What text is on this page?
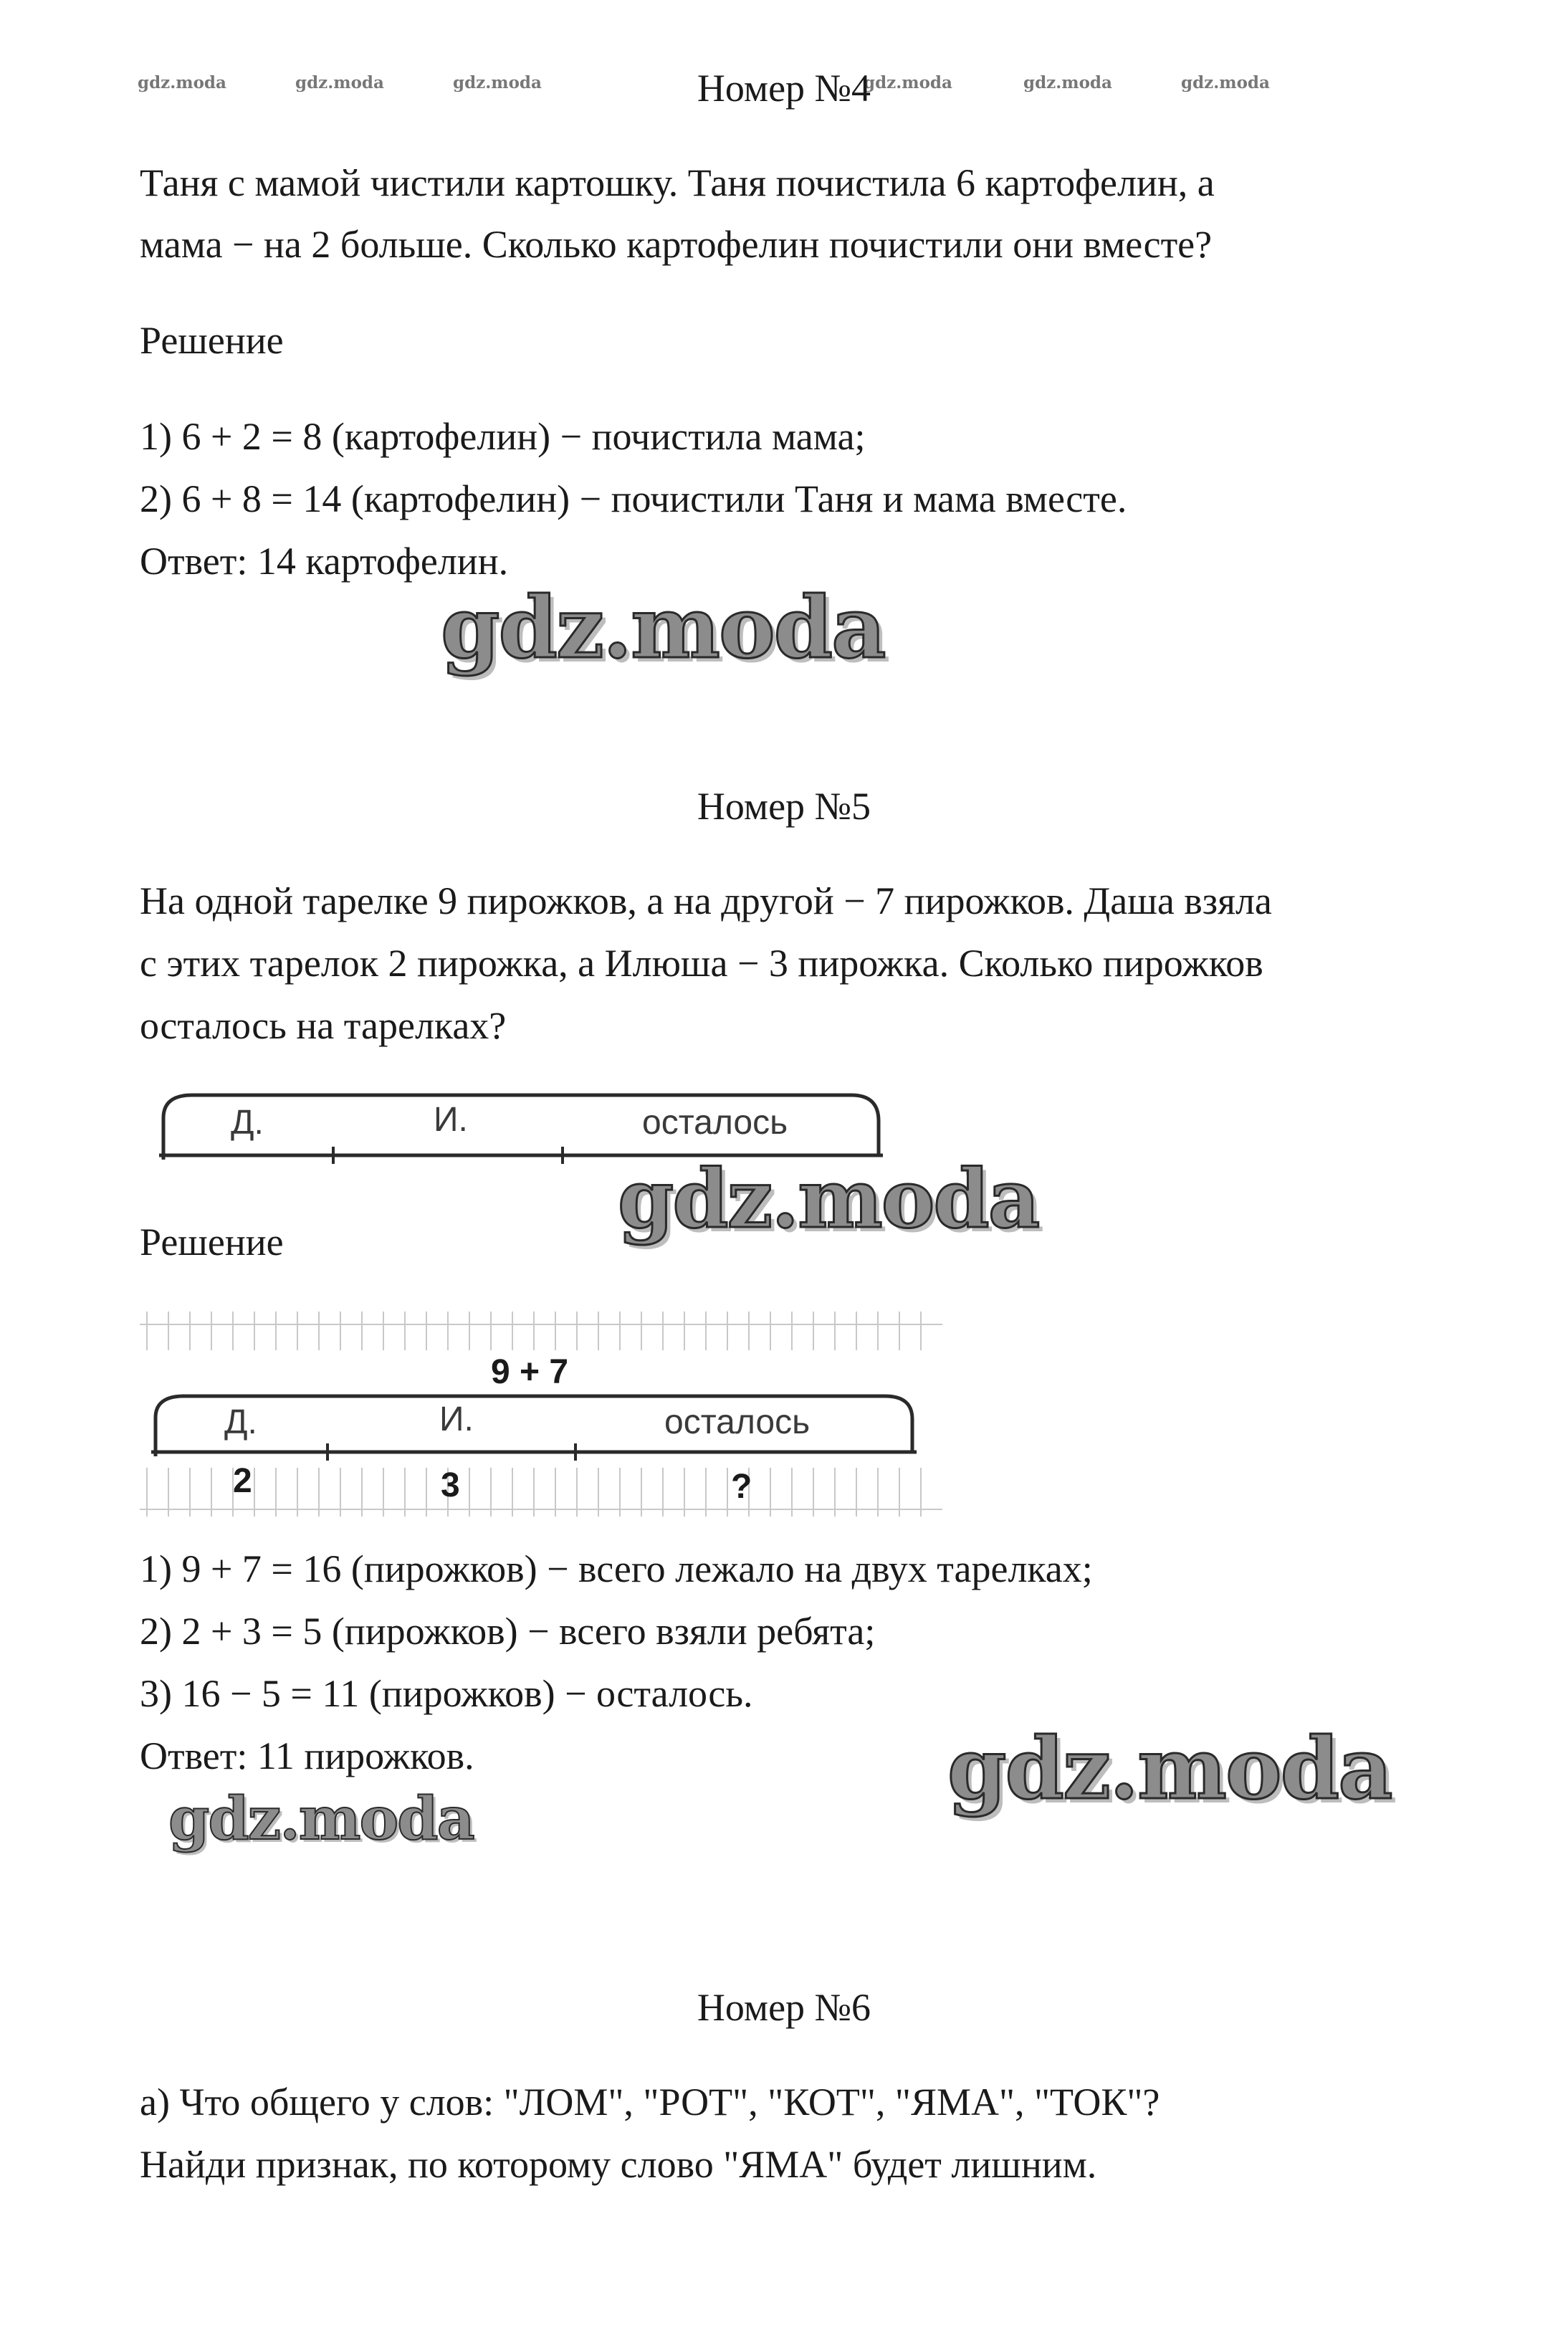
gdz.moda	gdz.moda	gdz.moda	gdz.moda	gdz.moda	gdz.moda
Номер №4
Таня с мамой чистили картошку. Таня почистила 6 картофелин, а
мама − на 2 больше. Сколько картофелин почистили они вместе?
Решение
1) 6 + 2 = 8 (картофелин) − почистила мама;
2) 6 + 8 = 14 (картофелин) − почистили Таня и мама вместе.
Ответ: 14 картофелин.
gdz.moda
Номер №5
На одной тарелке 9 пирожков, а на другой − 7 пирожков. Даша взяла
с этих тарелок 2 пирожка, а Илюша − 3 пирожка. Сколько пирожков
осталось на тарелках?
Д.	И.	осталось
gdz.moda
Решение
9 + 7
Д.	И.	осталось
2	3	?
1) 9 + 7 = 16 (пирожков) − всего лежало на двух тарелках;
2) 2 + 3 = 5 (пирожков) − всего взяли ребята;
3) 16 − 5 = 11 (пирожков) − осталось.
Ответ: 11 пирожков.	gdz.moda
gdz.moda
Номер №6
а) Что общего у слов: "ЛОМ", "РОТ", "КОТ", "ЯМА", "ТОК"?
Найди признак, по которому слово "ЯМА" будет лишним.
